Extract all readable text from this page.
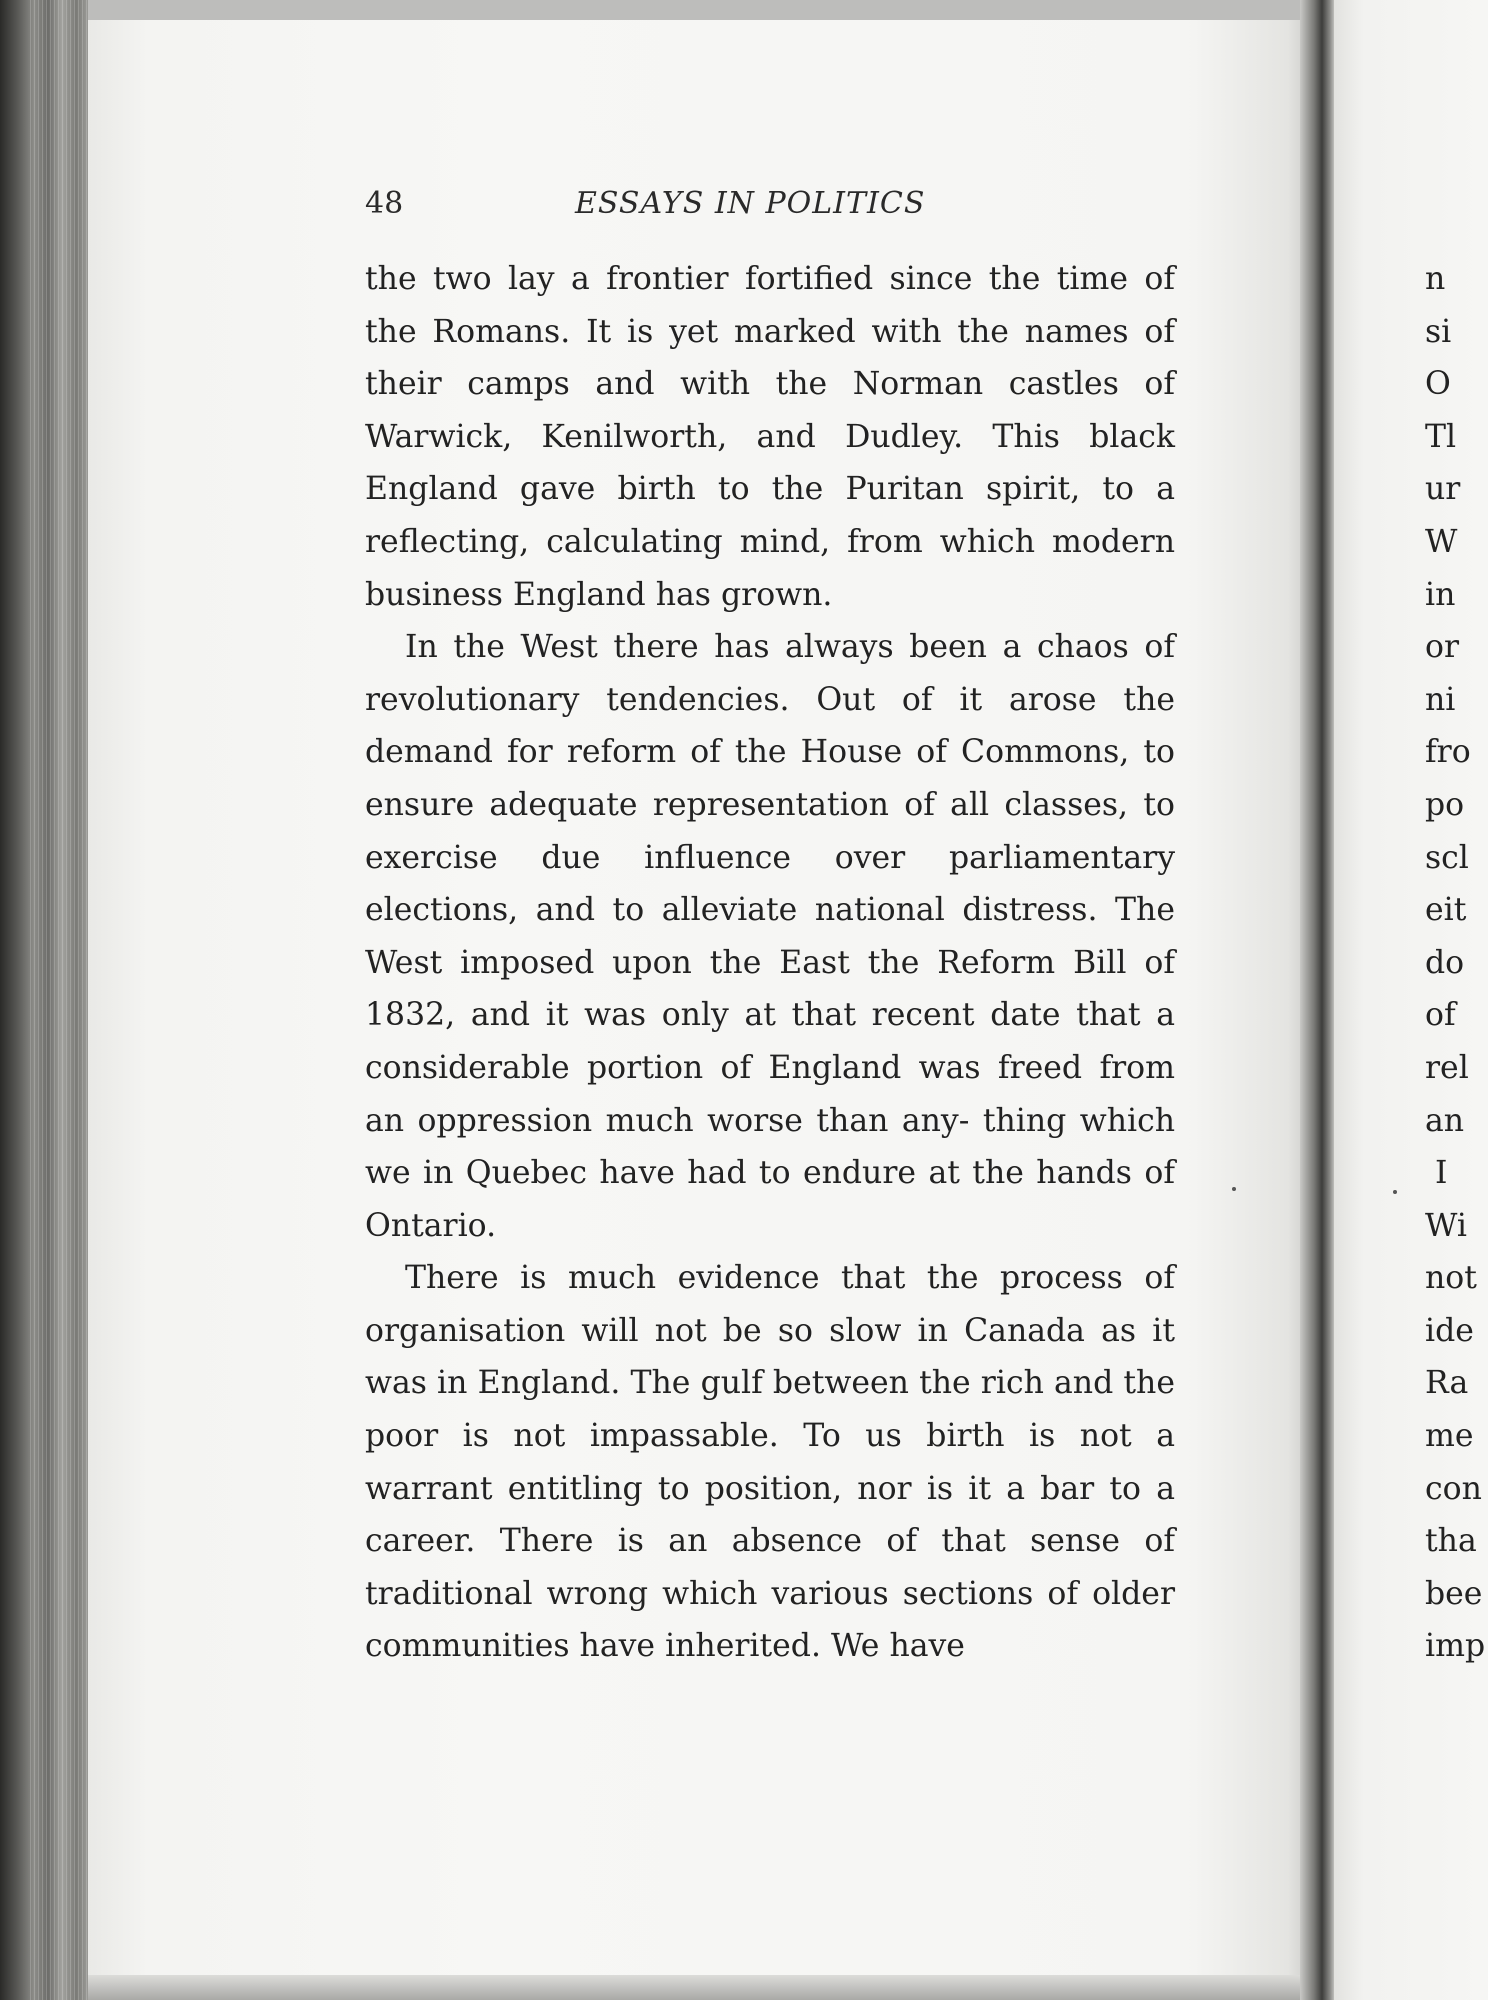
48	ESSAYS IN POLITICS

the two lay a frontier fortified since the time of the Romans. It is yet marked with the names of their camps and with the Norman castles of Warwick, Kenilworth, and Dudley. This black England gave birth to the Puritan spirit, to a reflecting, calculating mind, from which modern business England has grown.

In the West there has always been a chaos of revolutionary tendencies. Out of it arose the demand for reform of the House of Commons, to ensure adequate representation of all classes, to exercise due influence over parliamentary elections, and to alleviate national distress. The West imposed upon the East the Reform Bill of 1832, and it was only at that recent date that a considerable portion of England was freed from an oppression much worse than any- thing which we in Quebec have had to endure at the hands of Ontario.

There is much evidence that the process of organisation will not be so slow in Canada as it was in England. The gulf between the rich and the poor is not impassable. To us birth is not a warrant entitling to position, nor is it a bar to a career. There is an absence of that sense of traditional wrong which various sections of older communities have inherited. We have

n
si
O
Tl
ur
W
in
or
ni
fro
po
scl
eit
do
of
rel
an
I
Wi
not
ide
Ra
me
con
tha
bee
imp
